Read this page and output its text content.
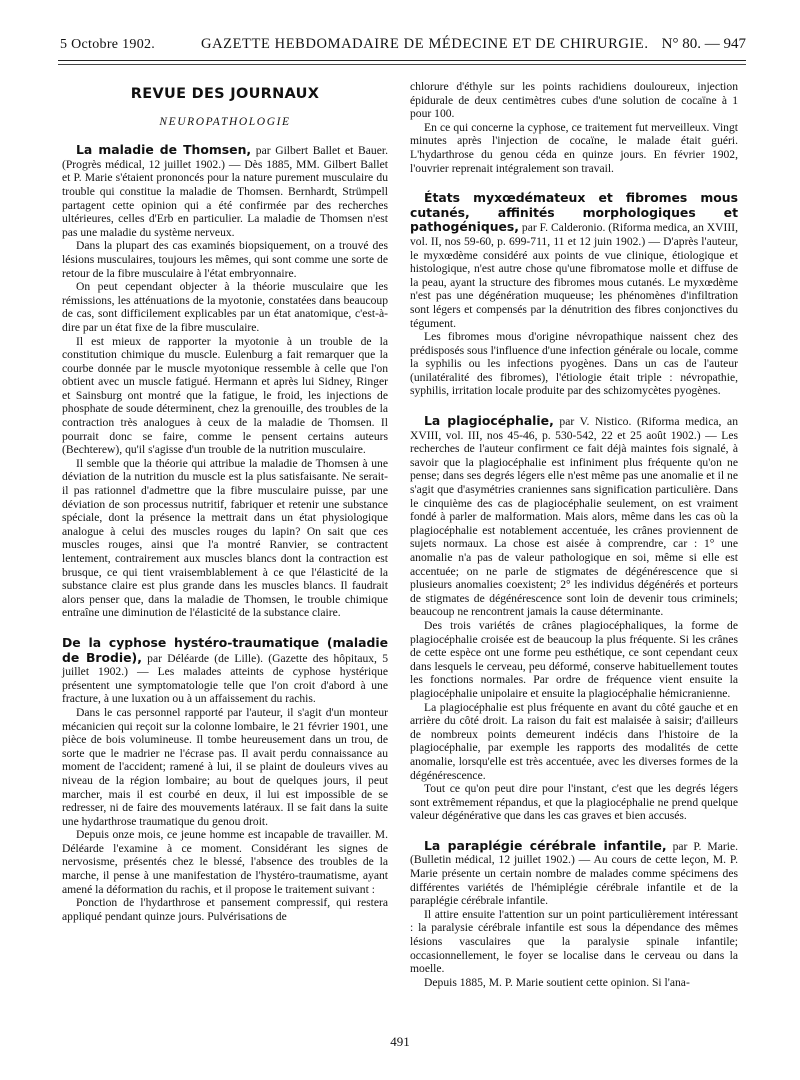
5 Octobre 1902.	GAZETTE HEBDOMADAIRE DE MÉDECINE ET DE CHIRURGIE. N° 80. — 947
REVUE DES JOURNAUX
NEUROPATHOLOGIE

La maladie de Thomsen, par Gilbert Ballet et Bauer. (Progrès médical, 12 juillet 1902.) — Dès 1885, MM. Gilbert Ballet et P. Marie s'étaient prononcés pour la nature purement musculaire du trouble qui constitue la maladie de Thomsen. Bernhardt, Strümpell partagent cette opinion qui a été confirmée par des recherches ultérieures, celles d'Erb en particulier. La maladie de Thomsen n'est pas une maladie du système nerveux.

Dans la plupart des cas examinés biopsiquement, on a trouvé des lésions musculaires, toujours les mêmes, qui sont comme une sorte de retour de la fibre musculaire à l'état embryonnaire.

On peut cependant objecter à la théorie musculaire que les rémissions, les atténuations de la myotonie, constatées dans beaucoup de cas, sont difficilement explicables par un état anatomique, c'est-à-dire par un état fixe de la fibre musculaire.

Il est mieux de rapporter la myotonie à un trouble de la constitution chimique du muscle. Eulenburg a fait remarquer que la courbe donnée par le muscle myotonique ressemble à celle que l'on obtient avec un muscle fatigué. Hermann et après lui Sidney, Ringer et Sainsburg ont montré que la fatigue, le froid, les injections de phosphate de soude déterminent, chez la grenouille, des troubles de la contraction très analogues à ceux de la maladie de Thomsen. Il pourrait donc se faire, comme le pensent certains auteurs (Bechterew), qu'il s'agisse d'un trouble de la nutrition musculaire.

Il semble que la théorie qui attribue la maladie de Thomsen à une déviation de la nutrition du muscle est la plus satisfaisante. Ne serait-il pas rationnel d'admettre que la fibre musculaire puisse, par une déviation de son processus nutritif, fabriquer et retenir une substance spéciale, dont la présence la mettrait dans un état physiologique analogue à celui des muscles rouges du lapin? On sait que ces muscles rouges, ainsi que l'a montré Ranvier, se contractent lentement, contrairement aux muscles blancs dont la contraction est brusque, ce qui tient vraisemblablement à ce que l'élasticité de la substance claire est plus grande dans les muscles blancs. Il faudrait alors penser que, dans la maladie de Thomsen, le trouble chimique entraîne une diminution de l'élasticité de la substance claire.

De la cyphose hystéro-traumatique (maladie de Brodie), par Déléarde (de Lille). (Gazette des hôpitaux, 5 juillet 1902.) — Les malades atteints de cyphose hystérique présentent une symptomatologie telle que l'on croit d'abord à une fracture, à une luxation ou à un affaissement du rachis.

Dans le cas personnel rapporté par l'auteur, il s'agit d'un monteur mécanicien qui reçoit sur la colonne lombaire, le 21 février 1901, une pièce de bois volumineuse. Il tombe heureusement dans un trou, de sorte que le madrier ne l'écrase pas. Il avait perdu connaissance au moment de l'accident; ramené à lui, il se plaint de douleurs vives au niveau de la région lombaire; au bout de quelques jours, il peut marcher, mais il est courbé en deux, il lui est impossible de se redresser, ni de faire des mouvements latéraux. Il se fait dans la suite une hydarthrose traumatique du genou droit.

Depuis onze mois, ce jeune homme est incapable de travailler. M. Déléarde l'examine à ce moment. Considérant les signes de nervosisme, présentés chez le blessé, l'absence des troubles de la marche, il pense à une manifestation de l'hystéro-traumatisme, ayant amené la déformation du rachis, et il propose le traitement suivant :

Ponction de l'hydarthrose et pansement compressif, qui restera appliqué pendant quinze jours. Pulvérisations de

chlorure d'éthyle sur les points rachidiens douloureux, injection épidurale de deux centimètres cubes d'une solution de cocaïne à 1 pour 100.

En ce qui concerne la cyphose, ce traitement fut merveilleux. Vingt minutes après l'injection de cocaïne, le malade était guéri. L'hydarthrose du genou céda en quinze jours. En février 1902, l'ouvrier reprenait intégralement son travail.

États myxœdémateux et fibromes mous cutanés, affinités morphologiques et pathogéniques, par F. Calderonio. (Riforma medica, an XVIII, vol. II, nos 59-60, p. 699-711, 11 et 12 juin 1902.) — D'après l'auteur, le myxœdème considéré aux points de vue clinique, étiologique et histologique, n'est autre chose qu'une fibromatose molle et diffuse de la peau, ayant la structure des fibromes mous cutanés. Le myxœdème n'est pas une dégénération muqueuse; les phénomènes d'infiltration sont légers et compensés par la dénutrition des fibres conjonctives du tégument.

Les fibromes mous d'origine névropathique naissent chez des prédisposés sous l'influence d'une infection générale ou locale, comme la syphilis ou les infections pyogènes. Dans un cas de l'auteur (unilatéralité des fibromes), l'étiologie était triple : névropathie, syphilis, irritation locale produite par des schizomycètes pyogènes.

La plagiocéphalie, par V. Nistico. (Riforma medica, an XVIII, vol. III, nos 45-46, p. 530-542, 22 et 25 août 1902.) — Les recherches de l'auteur confirment ce fait déjà maintes fois signalé, à savoir que la plagiocéphalie est infiniment plus fréquente qu'on ne pense; dans ses degrés légers elle n'est même pas une anomalie et il ne s'agit que d'asymétries craniennes sans signification particulière. Dans le cinquième des cas de plagiocéphalie seulement, on est vraiment fondé à parler de malformation. Mais alors, même dans les cas où la plagiocéphalie est notablement accentuée, les crânes proviennent de sujets normaux. La chose est aisée à comprendre, car : 1° une anomalie n'a pas de valeur pathologique en soi, même si elle est accentuée; on ne parle de stigmates de dégénérescence que si plusieurs anomalies coexistent; 2° les individus dégénérés et porteurs de stigmates de dégénérescence sont loin de devenir tous criminels; beaucoup ne rencontrent jamais la cause déterminante.

Des trois variétés de crânes plagiocéphaliques, la forme de plagiocéphalie croisée est de beaucoup la plus fréquente. Si les crânes de cette espèce ont une forme peu esthétique, ce sont cependant ceux dans lesquels le cerveau, peu déformé, conserve habituellement toutes les fonctions normales. Par ordre de fréquence vient ensuite la plagiocéphalie unipolaire et ensuite la plagiocéphalie hémicranienne.

La plagiocéphalie est plus fréquente en avant du côté gauche et en arrière du côté droit. La raison du fait est malaisée à saisir; d'ailleurs de nombreux points demeurent indécis dans l'histoire de la plagiocéphalie, par exemple les rapports des modalités de cette anomalie, lorsqu'elle est très accentuée, avec les diverses formes de la dégénérescence.

Tout ce qu'on peut dire pour l'instant, c'est que les degrés légers sont extrêmement répandus, et que la plagiocéphalie ne prend quelque valeur dégénérative que dans les cas graves et bien accusés.

La paraplégie cérébrale infantile, par P. Marie. (Bulletin médical, 12 juillet 1902.) — Au cours de cette leçon, M. P. Marie présente un certain nombre de malades comme spécimens des différentes variétés de l'hémiplégie cérébrale infantile et de la paraplégie cérébrale infantile.

Il attire ensuite l'attention sur un point particulièrement intéressant : la paralysie cérébrale infantile est sous la dépendance des mêmes lésions vasculaires que la paralysie spinale infantile; occasionnellement, le foyer se localise dans le cerveau ou dans la moelle.

Depuis 1885, M. P. Marie soutient cette opinion. Si l'ana-

491
